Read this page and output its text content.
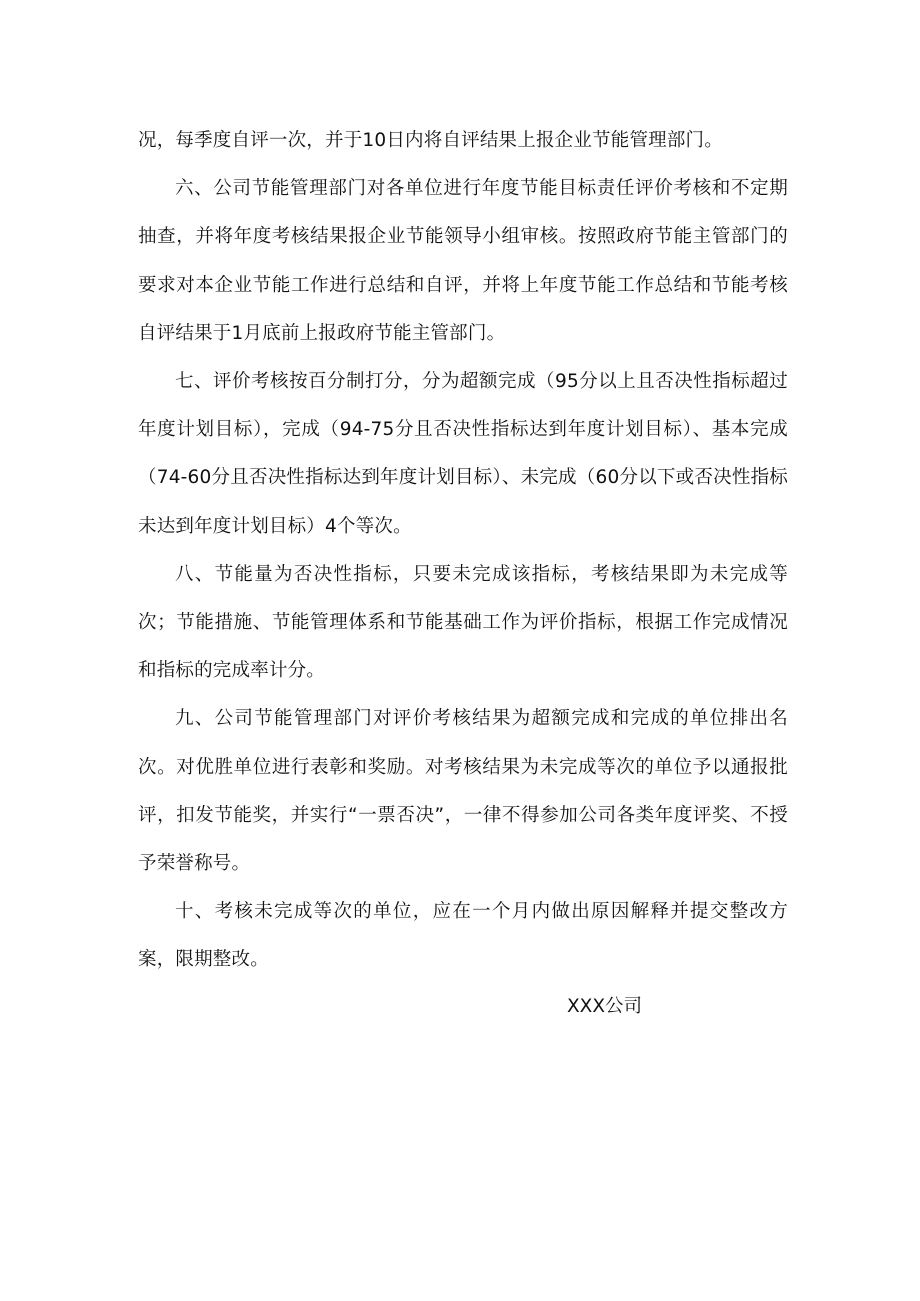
况，每季度自评一次，并于10日内将自评结果上报企业节能管理部门。

六、公司节能管理部门对各单位进行年度节能目标责任评价考核和不定期抽查，并将年度考核结果报企业节能领导小组审核。按照政府节能主管部门的要求对本企业节能工作进行总结和自评，并将上年度节能工作总结和节能考核自评结果于1月底前上报政府节能主管部门。

七、评价考核按百分制打分，分为超额完成（95分以上且否决性指标超过年度计划目标），完成（94-75分且否决性指标达到年度计划目标）、基本完成（74-60分且否决性指标达到年度计划目标）、未完成（60分以下或否决性指标未达到年度计划目标）4个等次。

八、节能量为否决性指标，只要未完成该指标，考核结果即为未完成等次；节能措施、节能管理体系和节能基础工作为评价指标，根据工作完成情况和指标的完成率计分。

九、公司节能管理部门对评价考核结果为超额完成和完成的单位排出名次。对优胜单位进行表彰和奖励。对考核结果为未完成等次的单位予以通报批评，扣发节能奖，并实行“一票否决”，一律不得参加公司各类年度评奖、不授予荣誉称号。

十、考核未完成等次的单位，应在一个月内做出原因解释并提交整改方案，限期整改。

XXX公司
